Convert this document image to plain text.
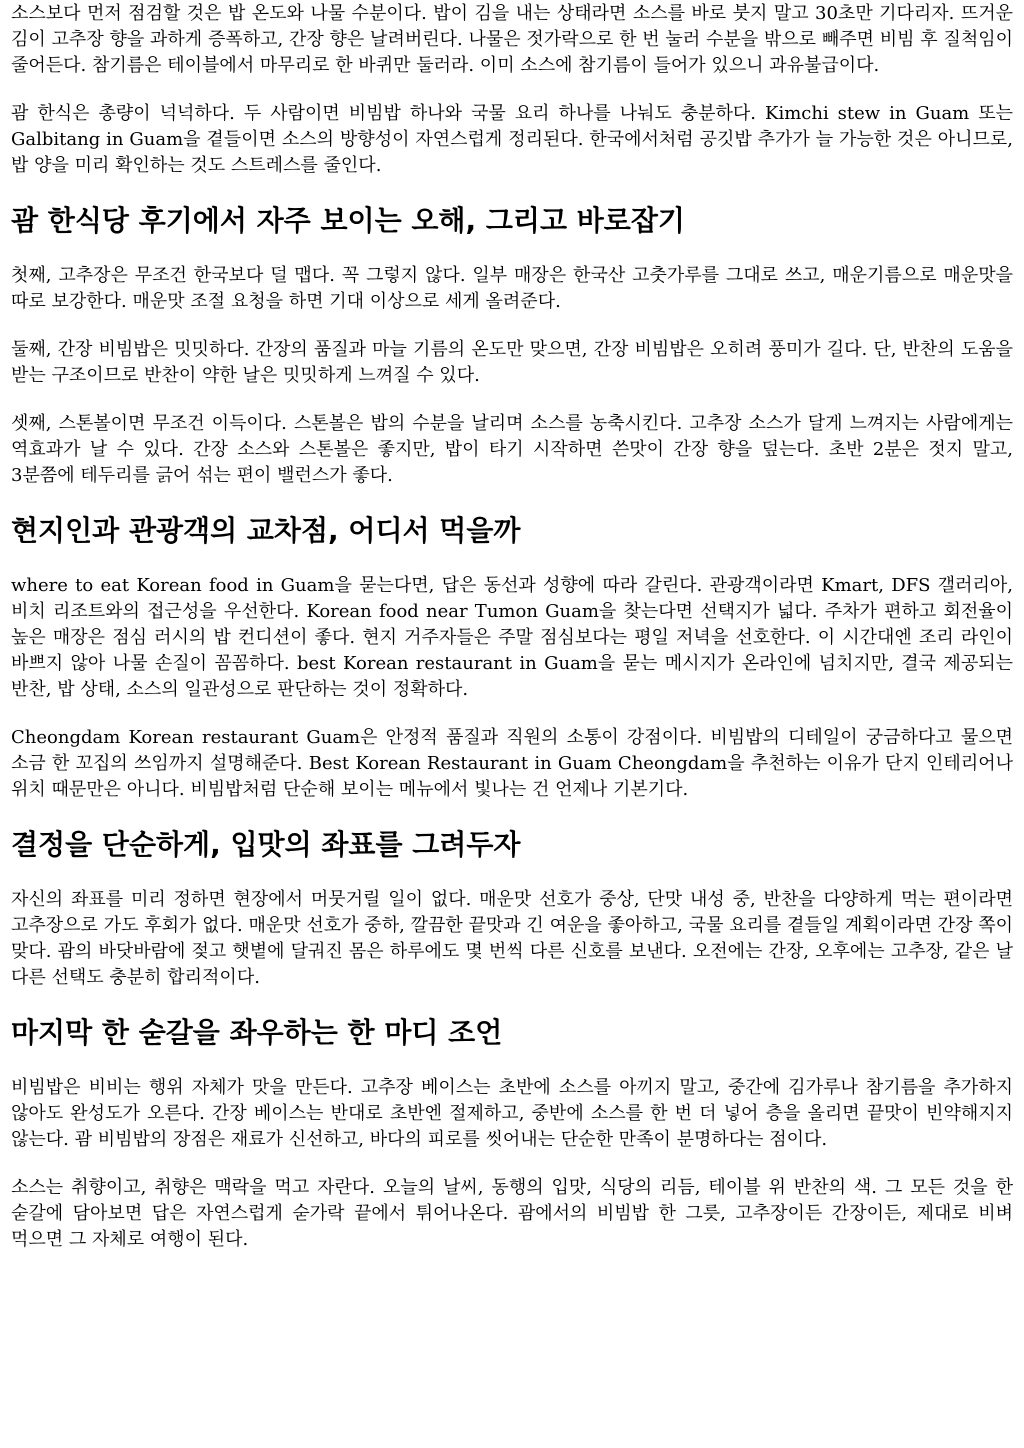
소스보다 먼저 점검할 것은 밥 온도와 나물 수분이다. 밥이 김을 내는 상태라면 소스를 바로 붓지 말고 30초만 기다리자. 뜨거운 김이 고추장 향을 과하게 증폭하고, 간장 향은 날려버린다. 나물은 젓가락으로 한 번 눌러 수분을 밖으로 빼주면 비빔 후 질척임이 줄어든다. 참기름은 테이블에서 마무리로 한 바퀴만 둘러라. 이미 소스에 참기름이 들어가 있으니 과유불급이다.

괌 한식은 총량이 넉넉하다. 두 사람이면 비빔밥 하나와 국물 요리 하나를 나눠도 충분하다. Kimchi stew in Guam 또는 Galbitang in Guam을 곁들이면 소스의 방향성이 자연스럽게 정리된다. 한국에서처럼 공깃밥 추가가 늘 가능한 것은 아니므로, 밥 양을 미리 확인하는 것도 스트레스를 줄인다.

괌 한식당 후기에서 자주 보이는 오해, 그리고 바로잡기

첫째, 고추장은 무조건 한국보다 덜 맵다. 꼭 그렇지 않다. 일부 매장은 한국산 고춧가루를 그대로 쓰고, 매운기름으로 매운맛을 따로 보강한다. 매운맛 조절 요청을 하면 기대 이상으로 세게 올려준다.

둘째, 간장 비빔밥은 밋밋하다. 간장의 품질과 마늘 기름의 온도만 맞으면, 간장 비빔밥은 오히려 풍미가 길다. 단, 반찬의 도움을 받는 구조이므로 반찬이 약한 날은 밋밋하게 느껴질 수 있다.

셋째, 스톤볼이면 무조건 이득이다. 스톤볼은 밥의 수분을 날리며 소스를 농축시킨다. 고추장 소스가 달게 느껴지는 사람에게는 역효과가 날 수 있다. 간장 소스와 스톤볼은 좋지만, 밥이 타기 시작하면 쓴맛이 간장 향을 덮는다. 초반 2분은 젓지 말고, 3분쯤에 테두리를 긁어 섞는 편이 밸런스가 좋다.

현지인과 관광객의 교차점, 어디서 먹을까

where to eat Korean food in Guam을 묻는다면, 답은 동선과 성향에 따라 갈린다. 관광객이라면 Kmart, DFS 갤러리아, 비치 리조트와의 접근성을 우선한다. Korean food near Tumon Guam을 찾는다면 선택지가 넓다. 주차가 편하고 회전율이 높은 매장은 점심 러시의 밥 컨디션이 좋다. 현지 거주자들은 주말 점심보다는 평일 저녁을 선호한다. 이 시간대엔 조리 라인이 바쁘지 않아 나물 손질이 꼼꼼하다. best Korean restaurant in Guam을 묻는 메시지가 온라인에 넘치지만, 결국 제공되는 반찬, 밥 상태, 소스의 일관성으로 판단하는 것이 정확하다.

Cheongdam Korean restaurant Guam은 안정적 품질과 직원의 소통이 강점이다. 비빔밥의 디테일이 궁금하다고 물으면 소금 한 꼬집의 쓰임까지 설명해준다. Best Korean Restaurant in Guam Cheongdam을 추천하는 이유가 단지 인테리어나 위치 때문만은 아니다. 비빔밥처럼 단순해 보이는 메뉴에서 빛나는 건 언제나 기본기다.

결정을 단순하게, 입맛의 좌표를 그려두자

자신의 좌표를 미리 정하면 현장에서 머뭇거릴 일이 없다. 매운맛 선호가 중상, 단맛 내성 중, 반찬을 다양하게 먹는 편이라면 고추장으로 가도 후회가 없다. 매운맛 선호가 중하, 깔끔한 끝맛과 긴 여운을 좋아하고, 국물 요리를 곁들일 계획이라면 간장 쪽이 맞다. 괌의 바닷바람에 젖고 햇볕에 달궈진 몸은 하루에도 몇 번씩 다른 신호를 보낸다. 오전에는 간장, 오후에는 고추장, 같은 날 다른 선택도 충분히 합리적이다.

마지막 한 숟갈을 좌우하는 한 마디 조언

비빔밥은 비비는 행위 자체가 맛을 만든다. 고추장 베이스는 초반에 소스를 아끼지 말고, 중간에 김가루나 참기름을 추가하지 않아도 완성도가 오른다. 간장 베이스는 반대로 초반엔 절제하고, 중반에 소스를 한 번 더 넣어 층을 올리면 끝맛이 빈약해지지 않는다. 괌 비빔밥의 장점은 재료가 신선하고, 바다의 피로를 씻어내는 단순한 만족이 분명하다는 점이다.

소스는 취향이고, 취향은 맥락을 먹고 자란다. 오늘의 날씨, 동행의 입맛, 식당의 리듬, 테이블 위 반찬의 색. 그 모든 것을 한 숟갈에 담아보면 답은 자연스럽게 숟가락 끝에서 튀어나온다. 괌에서의 비빔밥 한 그릇, 고추장이든 간장이든, 제대로 비벼 먹으면 그 자체로 여행이 된다.
